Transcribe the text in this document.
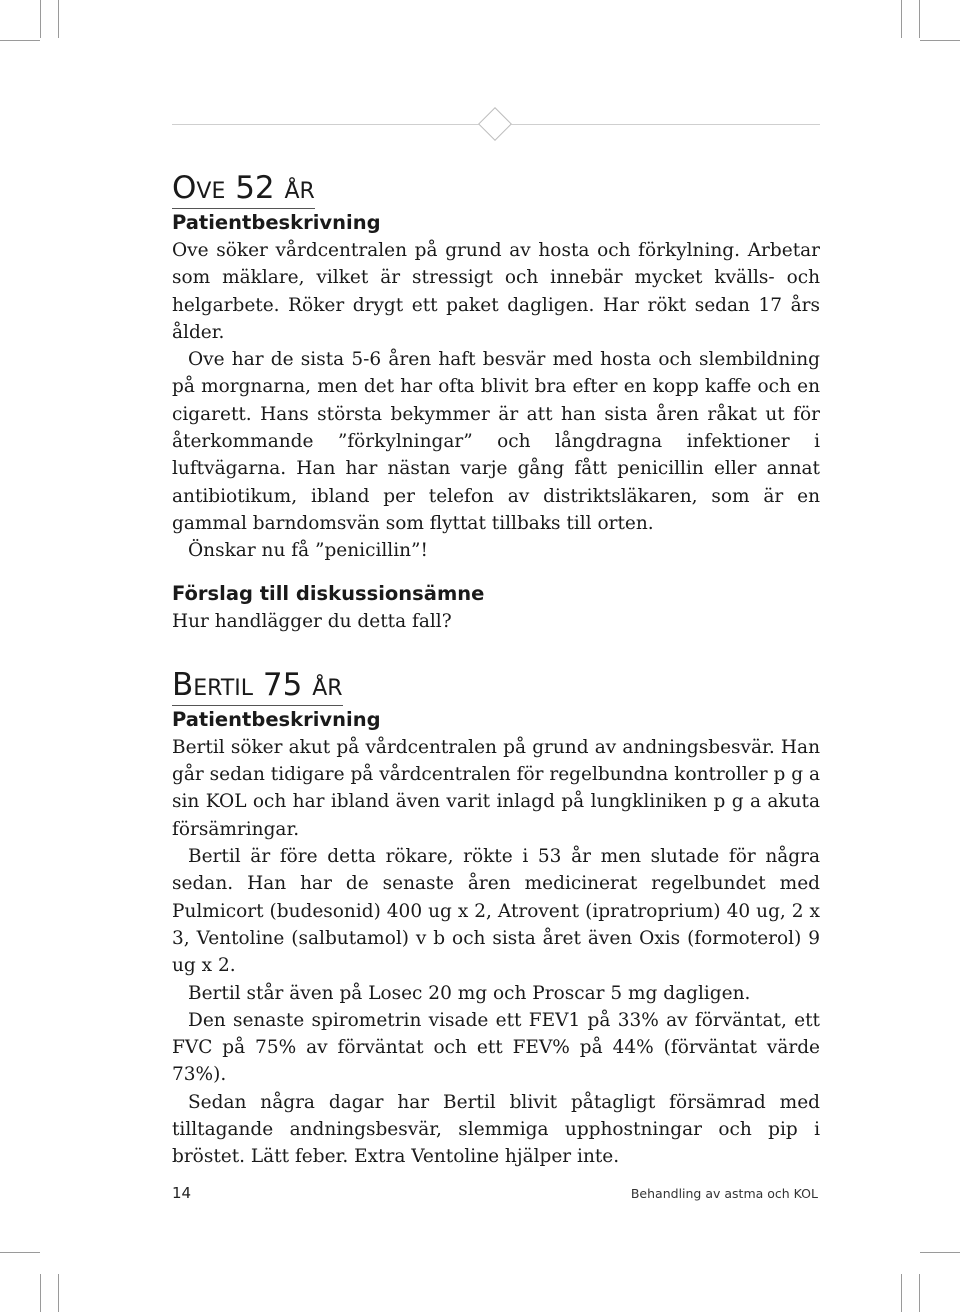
Ove 52 år
Patientbeskrivning

Ove söker vårdcentralen på grund av hosta och förkylning. Arbetar som mäklare, vilket är stressigt och innebär mycket kvälls- och helgarbete. Röker drygt ett paket dagligen. Har rökt sedan 17 års ålder.

Ove har de sista 5-6 åren haft besvär med hosta och slembildning på morgnarna, men det har ofta blivit bra efter en kopp kaffe och en cigarett. Hans största bekymmer är att han sista åren råkat ut för återkommande ”förkylningar” och långdragna infektioner i luftvägarna. Han har nästan varje gång fått penicillin eller annat antibiotikum, ibland per telefon av distriktsläkaren, som är en gammal barndomsvän som flyttat tillbaks till orten.

Önskar nu få ”penicillin”!

Förslag till diskussionsämne

Hur handlägger du detta fall?

Bertil 75 år
Patientbeskrivning

Bertil söker akut på vårdcentralen på grund av andningsbesvär. Han går sedan tidigare på vårdcentralen för regelbundna kontroller p g a sin KOL och har ibland även varit inlagd på lungkliniken p g a akuta försämringar.

Bertil är före detta rökare, rökte i 53 år men slutade för några sedan. Han har de senaste åren medicinerat regelbundet med Pulmicort (budesonid) 400 ug x 2, Atrovent (ipratroprium) 40 ug, 2 x 3, Ventoline (salbutamol) v b och sista året även Oxis (formoterol) 9 ug x 2.

Bertil står även på Losec 20 mg och Proscar 5 mg dagligen.

Den senaste spirometrin visade ett FEV1 på 33% av förväntat, ett FVC på 75% av förväntat och ett FEV% på 44% (förväntat värde 73%).

Sedan några dagar har Bertil blivit påtagligt försämrad med tilltagande andningsbesvär, slemmiga upphostningar och pip i bröstet. Lätt feber. Extra Ventoline hjälper inte.

14	Behandling av astma och KOL
